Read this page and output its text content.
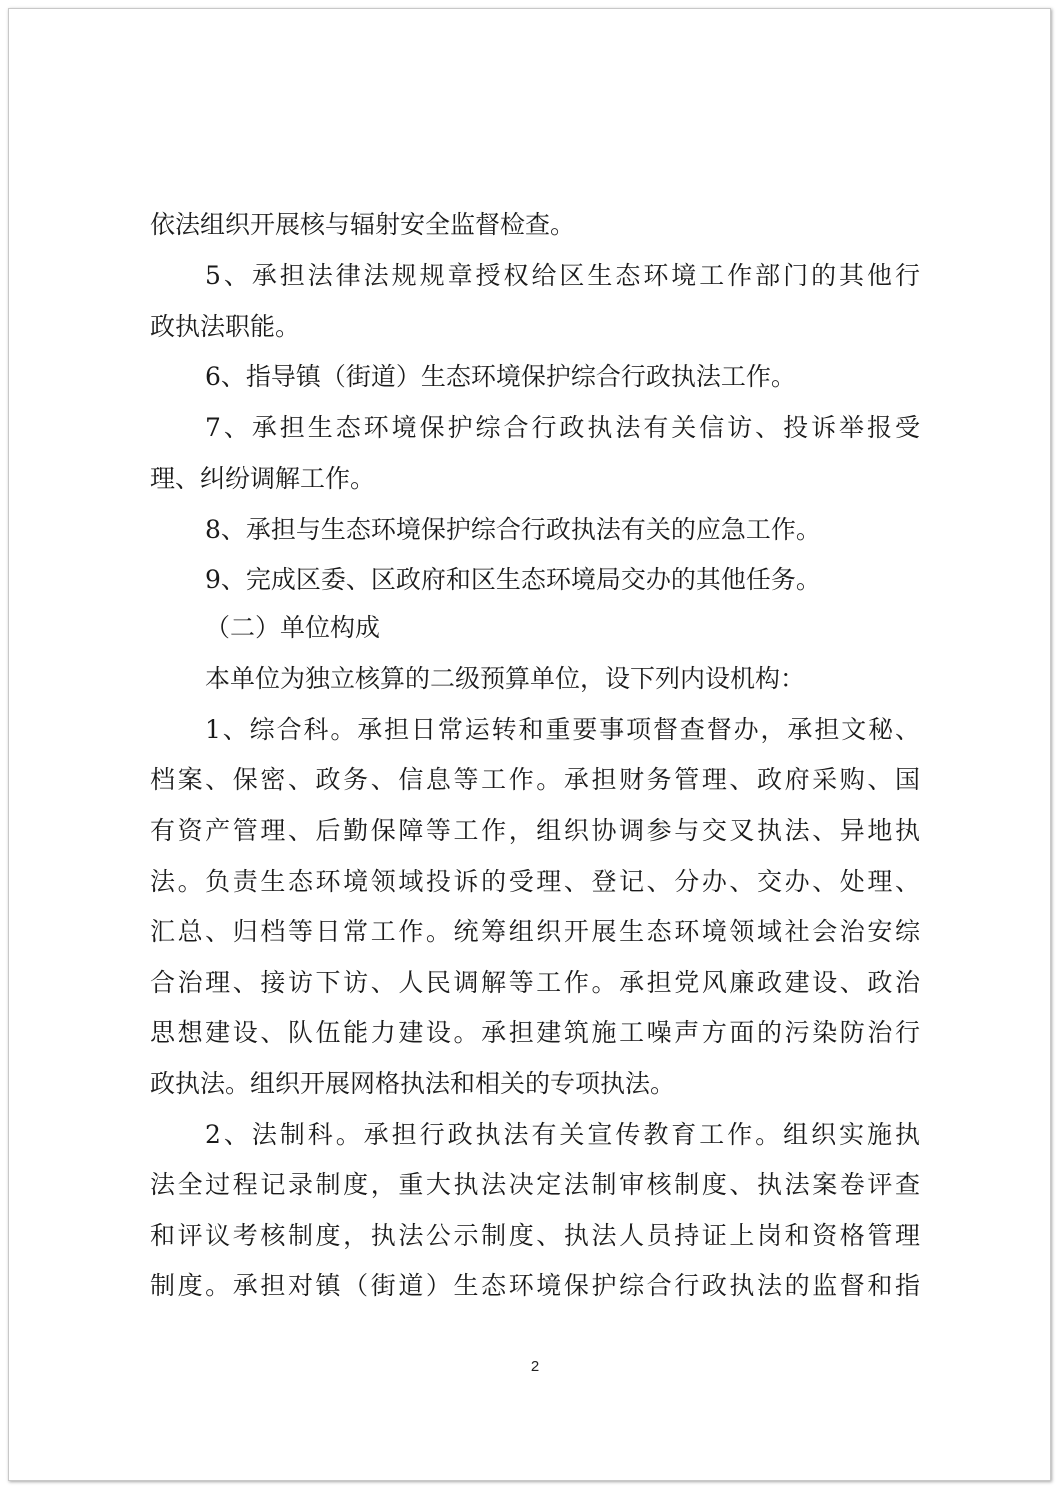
依法组织开展核与辐射安全监督检查。
5、承担法律法规规章授权给区生态环境工作部门的其他行
政执法职能。
6、指导镇（街道）生态环境保护综合行政执法工作。
7、承担生态环境保护综合行政执法有关信访、投诉举报受
理、纠纷调解工作。
8、承担与生态环境保护综合行政执法有关的应急工作。
9、完成区委、区政府和区生态环境局交办的其他任务。
（二）单位构成
本单位为独立核算的二级预算单位，设下列内设机构：
1、综合科。承担日常运转和重要事项督查督办，承担文秘、
档案、保密、政务、信息等工作。承担财务管理、政府采购、国
有资产管理、后勤保障等工作，组织协调参与交叉执法、异地执
法。负责生态环境领域投诉的受理、登记、分办、交办、处理、
汇总、归档等日常工作。统筹组织开展生态环境领域社会治安综
合治理、接访下访、人民调解等工作。承担党风廉政建设、政治
思想建设、队伍能力建设。承担建筑施工噪声方面的污染防治行
政执法。组织开展网格执法和相关的专项执法。
2、法制科。承担行政执法有关宣传教育工作。组织实施执
法全过程记录制度，重大执法决定法制审核制度、执法案卷评查
和评议考核制度，执法公示制度、执法人员持证上岗和资格管理
制度。承担对镇（街道）生态环境保护综合行政执法的监督和指
2
